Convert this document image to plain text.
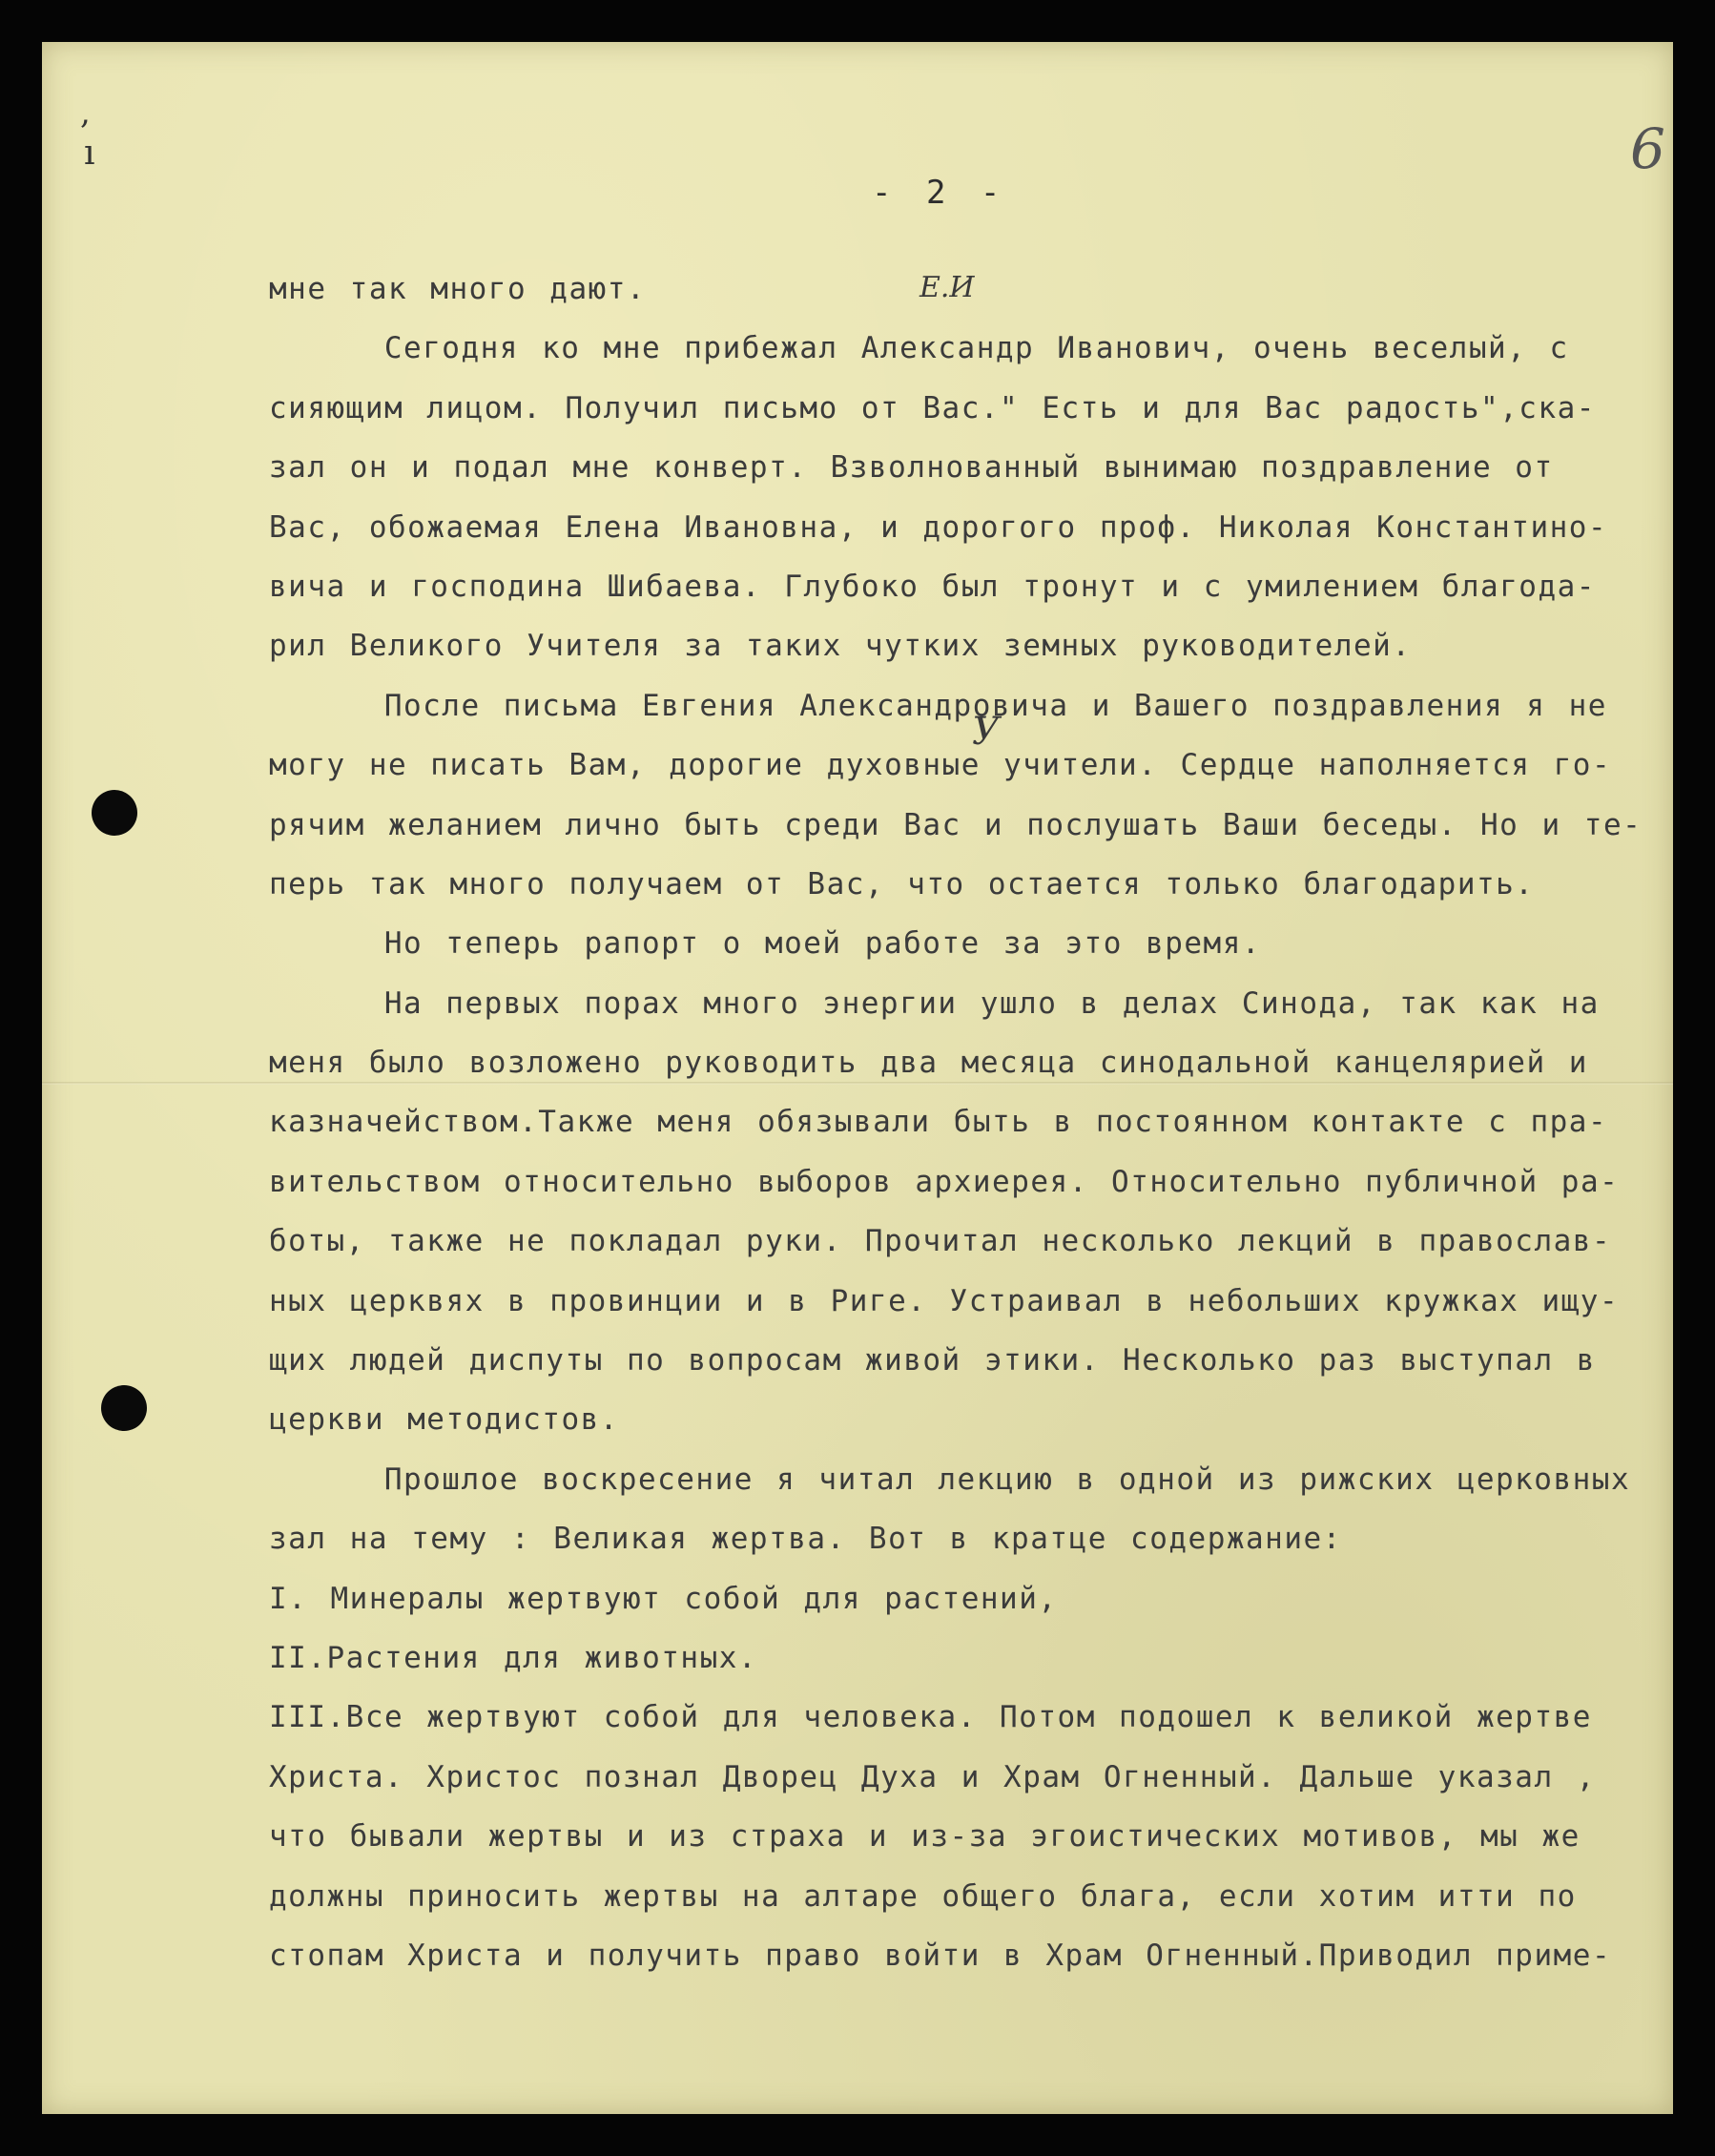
,
ı	6
- 2 -
мне так много дают.
Сегодня ко мне прибежал Александр Иванович, очень веселый, с
сияющим лицом. Получил письмо от Вас." Есть и для Вас радость",ска-
зал он и подал мне конверт. Взволнованный вынимаю поздравление от
Вас, обожаемая Елена Ивановна, и дорогого проф. Николая Константино-
вича и господина Шибаева. Глубоко был тронут и с умилением благода-
рил Великого Учителя за таких чутких земных руководителей.
После письма Евгения Александровича и Вашего поздравления я не
могу не писать Вам, дорогие духовные учители. Сердце наполняется го-
рячим желанием лично быть среди Вас и послушать Ваши беседы. Но и те-
перь так много получаем от Вас, что остается только благодарить.
Но теперь рапорт о моей работе за это время.
На первых порах много энергии ушло в делах Синода, так как на
меня было возложено руководить два месяца синодальной канцелярией и
казначейством.Также меня обязывали быть в постоянном контакте с пра-
вительством относительно выборов архиерея. Относительно публичной ра-
боты, также не покладал руки. Прочитал несколько лекций в православ-
ных церквях в провинции и в Риге. Устраивал в небольших кружках ищу-
щих людей диспуты по вопросам живой этики. Несколько раз выступал в
церкви методистов.
Прошлое воскресение я читал лекцию в одной из рижских церковных
зал на тему : Великая жертва. Вот в кратце содержание:
I. Минералы жертвуют собой для растений,
II.Растения для животных.
III.Все жертвуют собой для человека. Потом подошел к великой жертве
Христа. Христос познал Дворец Духа и Храм Огненный. Дальше указал ,
что бывали жертвы и из страха и из-за эгоистических мотивов, мы же
должны приносить жертвы на алтаре общего блага, если хотим итти по
стопам Христа и получить право войти в Храм Огненный.Приводил приме-
Е.И
У
